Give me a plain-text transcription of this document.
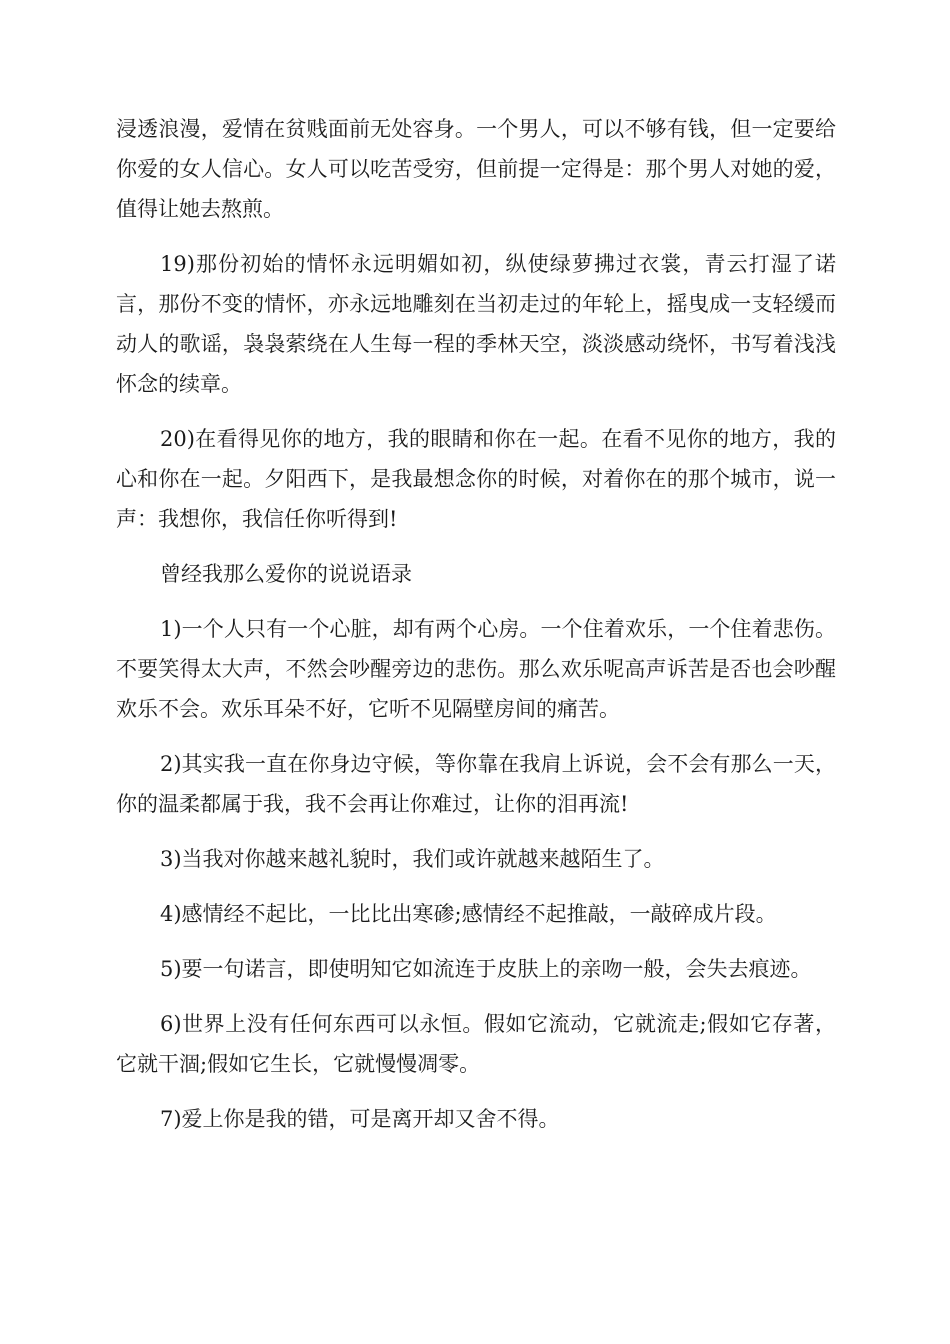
浸透浪漫，爱情在贫贱面前无处容身。一个男人，可以不够有钱，但一定要给你爱的女人信心。女人可以吃苦受穷，但前提一定得是：那个男人对她的爱，值得让她去熬煎。

19)那份初始的情怀永远明媚如初，纵使绿萝拂过衣裳，青云打湿了诺言，那份不变的情怀，亦永远地雕刻在当初走过的年轮上，摇曳成一支轻缓而动人的歌谣，袅袅萦绕在人生每一程的季林天空，淡淡感动绕怀，书写着浅浅怀念的续章。

20)在看得见你的地方，我的眼睛和你在一起。在看不见你的地方，我的心和你在一起。夕阳西下，是我最想念你的时候，对着你在的那个城市，说一声：我想你，我信任你听得到!

曾经我那么爱你的说说语录

1)一个人只有一个心脏，却有两个心房。一个住着欢乐，一个住着悲伤。不要笑得太大声，不然会吵醒旁边的悲伤。那么欢乐呢高声诉苦是否也会吵醒欢乐不会。欢乐耳朵不好，它听不见隔壁房间的痛苦。

2)其实我一直在你身边守候，等你靠在我肩上诉说，会不会有那么一天，你的温柔都属于我，我不会再让你难过，让你的泪再流!

3)当我对你越来越礼貌时，我们或许就越来越陌生了。

4)感情经不起比，一比比出寒碜;感情经不起推敲，一敲碎成片段。

5)要一句诺言，即使明知它如流连于皮肤上的亲吻一般，会失去痕迹。

6)世界上没有任何东西可以永恒。假如它流动，它就流走;假如它存著，它就干涸;假如它生长，它就慢慢凋零。

7)爱上你是我的错，可是离开却又舍不得。
